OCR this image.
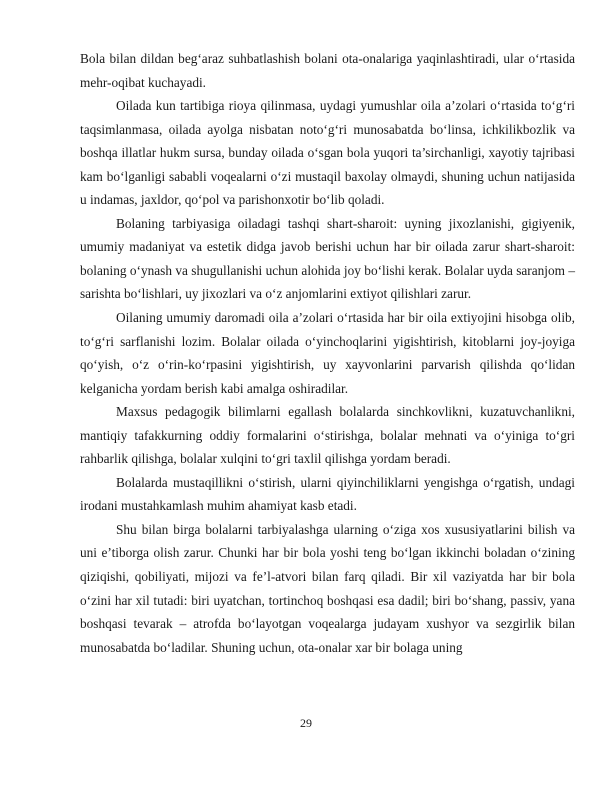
Bola bilan dildan beg‘araz suhbatlashish bolani ota-onalariga yaqinlashtiradi, ular o‘rtasida mehr-oqibat kuchayadi.

Oilada kun tartibiga rioya qilinmasa, uydagi yumushlar oila a’zolari o‘rtasida to‘g‘ri taqsimlanmasa, oilada ayolga nisbatan noto‘g‘ri munosabatda bo‘linsa, ichkilikbozlik va boshqa illatlar hukm sursa, bunday oilada o‘sgan bola yuqori ta’sirchanligi, xayotiy tajribasi kam bo‘lganligi sababli voqealarni o‘zi mustaqil baxolay olmaydi, shuning uchun natijasida u indamas, jaxldor, qo‘pol va parishonxotir bo‘lib qoladi.

Bolaning tarbiyasiga oiladagi tashqi shart-sharoit: uyning jixozlanishi, gigiyenik, umumiy madaniyat va estetik didga javob berishi uchun har bir oilada zarur shart-sharoit: bolaning o‘ynash va shugullanishi uchun alohida joy bo‘lishi kerak. Bolalar uyda saranjom –sarishta bo‘lishlari, uy jixozlari va o‘z anjomlarini extiyot qilishlari zarur.

Oilaning umumiy daromadi oila a’zolari o‘rtasida har bir oila extiyojini hisobga olib, to‘g‘ri sarflanishi lozim. Bolalar oilada o‘yinchoqlarini yigishtirish, kitoblarni joy-joyiga qo‘yish, o‘z o‘rin-ko‘rpasini yigishtirish, uy xayvonlarini parvarish qilishda qo‘lidan kelganicha yordam berish kabi amalga oshiradilar.

Maxsus pedagogik bilimlarni egallash bolalarda sinchkovlikni, kuzatuvchanlikni, mantiqiy tafakkurning oddiy formalarini o‘stirishga, bolalar mehnati va o‘yiniga to‘gri rahbarlik qilishga, bolalar xulqini to‘gri taxlil qilishga yordam beradi.

Bolalarda mustaqillikni o‘stirish, ularni qiyinchiliklarni yengishga o‘rgatish, undagi irodani mustahkamlash muhim ahamiyat kasb etadi.

Shu bilan birga bolalarni tarbiyalashga ularning o‘ziga xos xususiyatlarini bilish va uni e’tiborga olish zarur. Chunki har bir bola yoshi teng bo‘lgan ikkinchi boladan o‘zining qiziqishi, qobiliyati, mijozi va fe’l-atvori bilan farq qiladi. Bir xil vaziyatda har bir bola o‘zini har xil tutadi: biri uyatchan, tortinchoq boshqasi esa dadil; biri bo‘shang, passiv, yana boshqasi tevarak – atrofda bo‘layotgan voqealarga judayam xushyor va sezgirlik bilan munosabatda bo‘ladilar. Shuning uchun, ota-onalar xar bir bolaga uning

29
